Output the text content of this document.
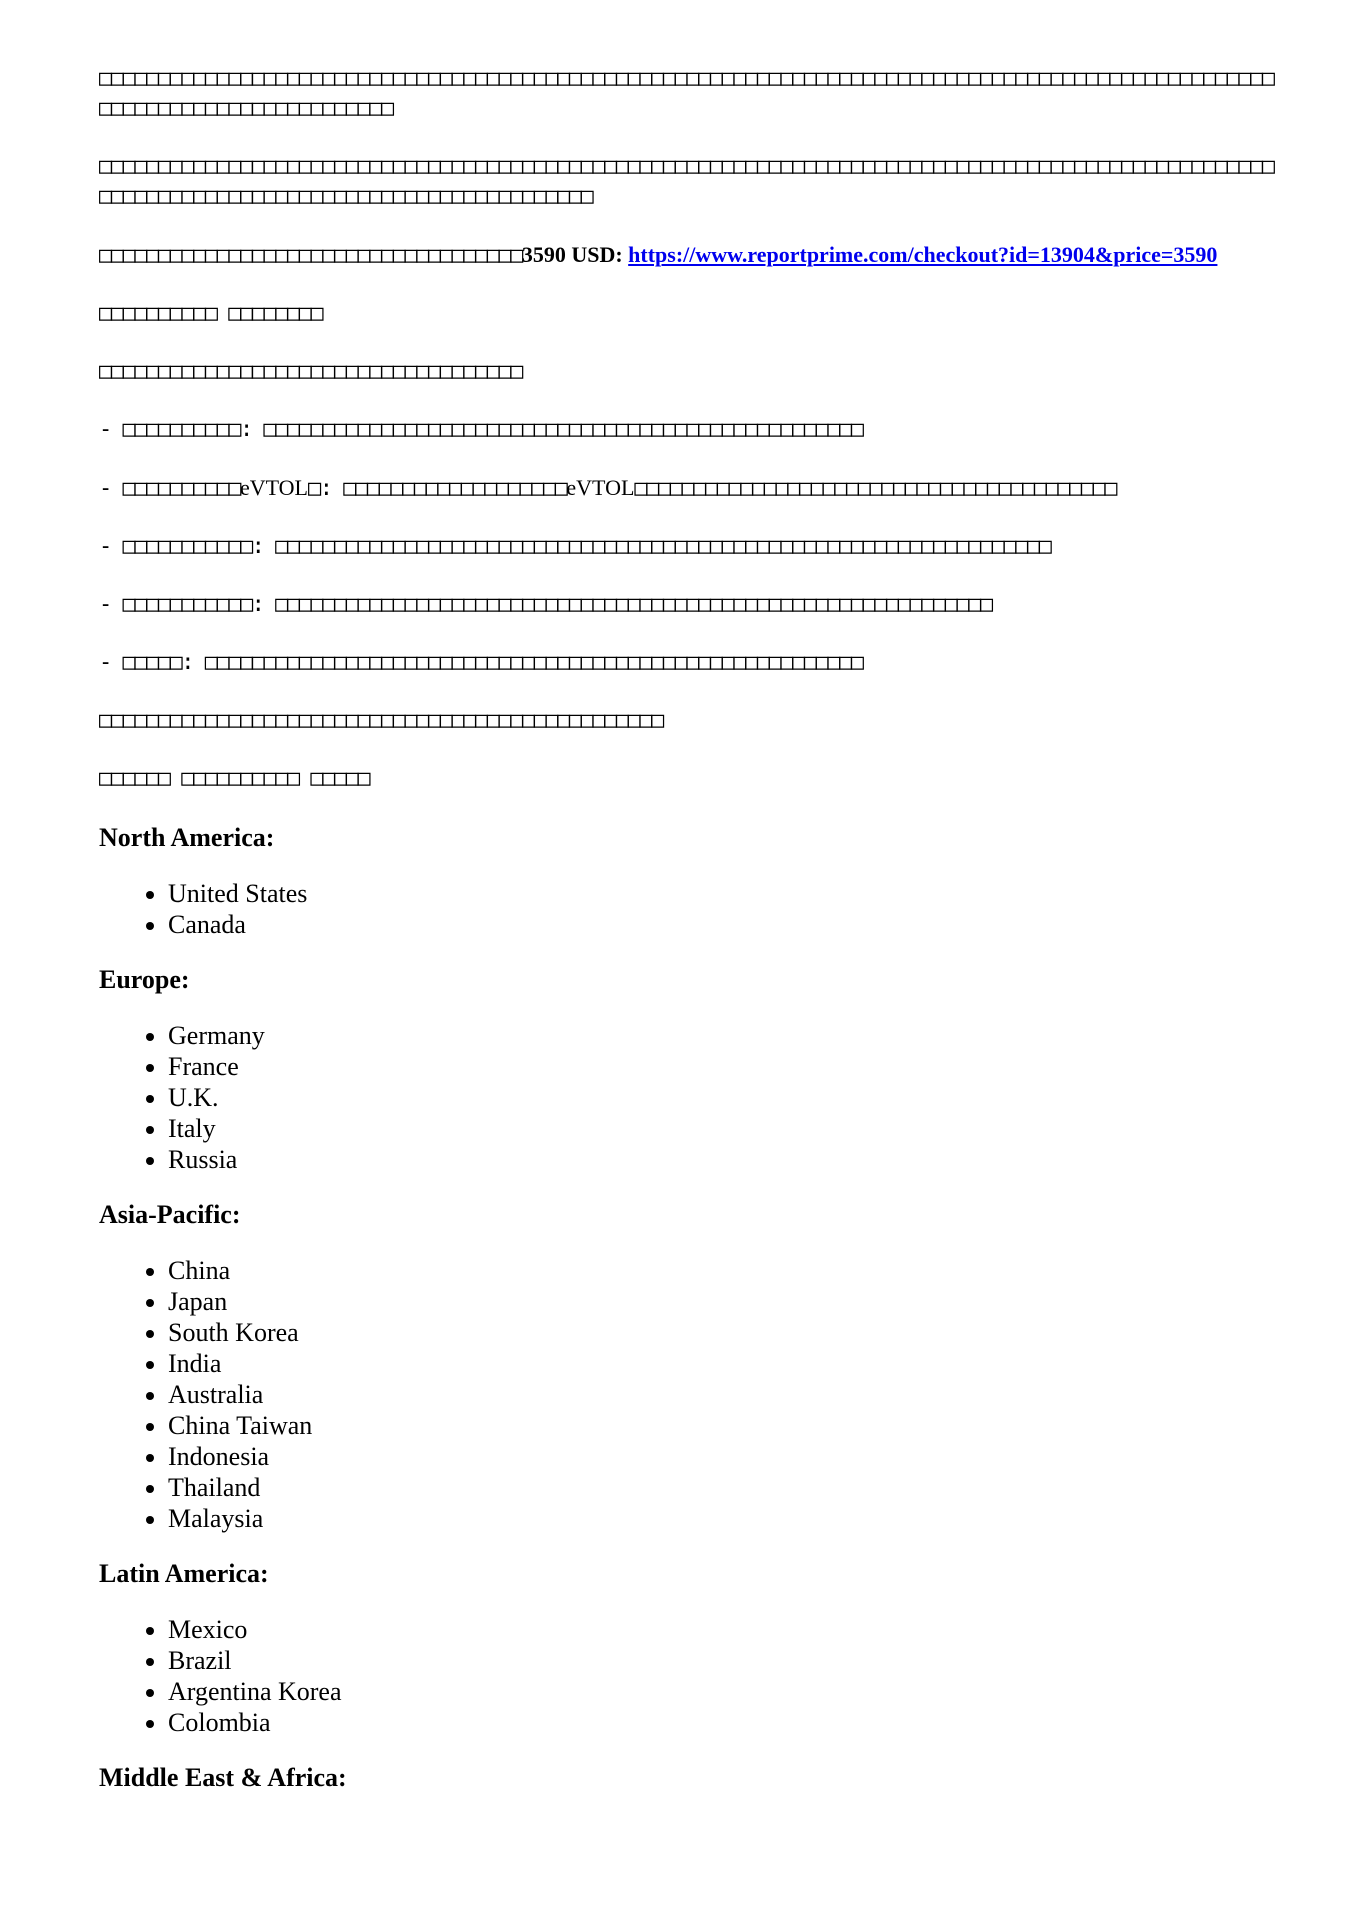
□□□□□□□□□□□□□□□□□□□□□□□□□□□□□□□□□□□□□□□□□□□□□□□□□□□□□□□□□□□□□□□□□□□□□□□□□□□□□□□□□□□□□□□□□□□□□□□□□□□□□□□□□□□□□□□□□□□□□□□□□□□□□

□□□□□□□□□□□□□□□□□□□□□□□□□□□□□□□□□□□□□□□□□□□□□□□□□□□□□□□□□□□□□□□□□□□□□□□□□□□□□□□□□□□□□□□□□□□□□□□□□□□□□□□□□□□□□□□□□□□□□□□□□□□□□□□□□□□□□□□□□□□□□□

□□□□□□□□□□□□□□□□□□□□□□□□□□□□□□□□□□□□3590 USD: https://www.reportprime.com/checkout?id=13904&price=3590

□□□□□□□□□□ □□□□□□□□

□□□□□□□□□□□□□□□□□□□□□□□□□□□□□□□□□□□□

- □□□□□□□□□□: □□□□□□□□□□□□□□□□□□□□□□□□□□□□□□□□□□□□□□□□□□□□□□□□□□□

- □□□□□□□□□□eVTOL□: □□□□□□□□□□□□□□□□□□□eVTOL□□□□□□□□□□□□□□□□□□□□□□□□□□□□□□□□□□□□□□□□□

- □□□□□□□□□□□: □□□□□□□□□□□□□□□□□□□□□□□□□□□□□□□□□□□□□□□□□□□□□□□□□□□□□□□□□□□□□□□□□□

- □□□□□□□□□□□: □□□□□□□□□□□□□□□□□□□□□□□□□□□□□□□□□□□□□□□□□□□□□□□□□□□□□□□□□□□□□

- □□□□□: □□□□□□□□□□□□□□□□□□□□□□□□□□□□□□□□□□□□□□□□□□□□□□□□□□□□□□□□

□□□□□□□□□□□□□□□□□□□□□□□□□□□□□□□□□□□□□□□□□□□□□□□□

□□□□□□ □□□□□□□□□□ □□□□□

North America:
• United States
• Canada
Europe:
• Germany
• France
• U.K.
• Italy
• Russia
Asia-Pacific:
• China
• Japan
• South Korea
• India
• Australia
• China Taiwan
• Indonesia
• Thailand
• Malaysia
Latin America:
• Mexico
• Brazil
• Argentina Korea
• Colombia
Middle East & Africa:
